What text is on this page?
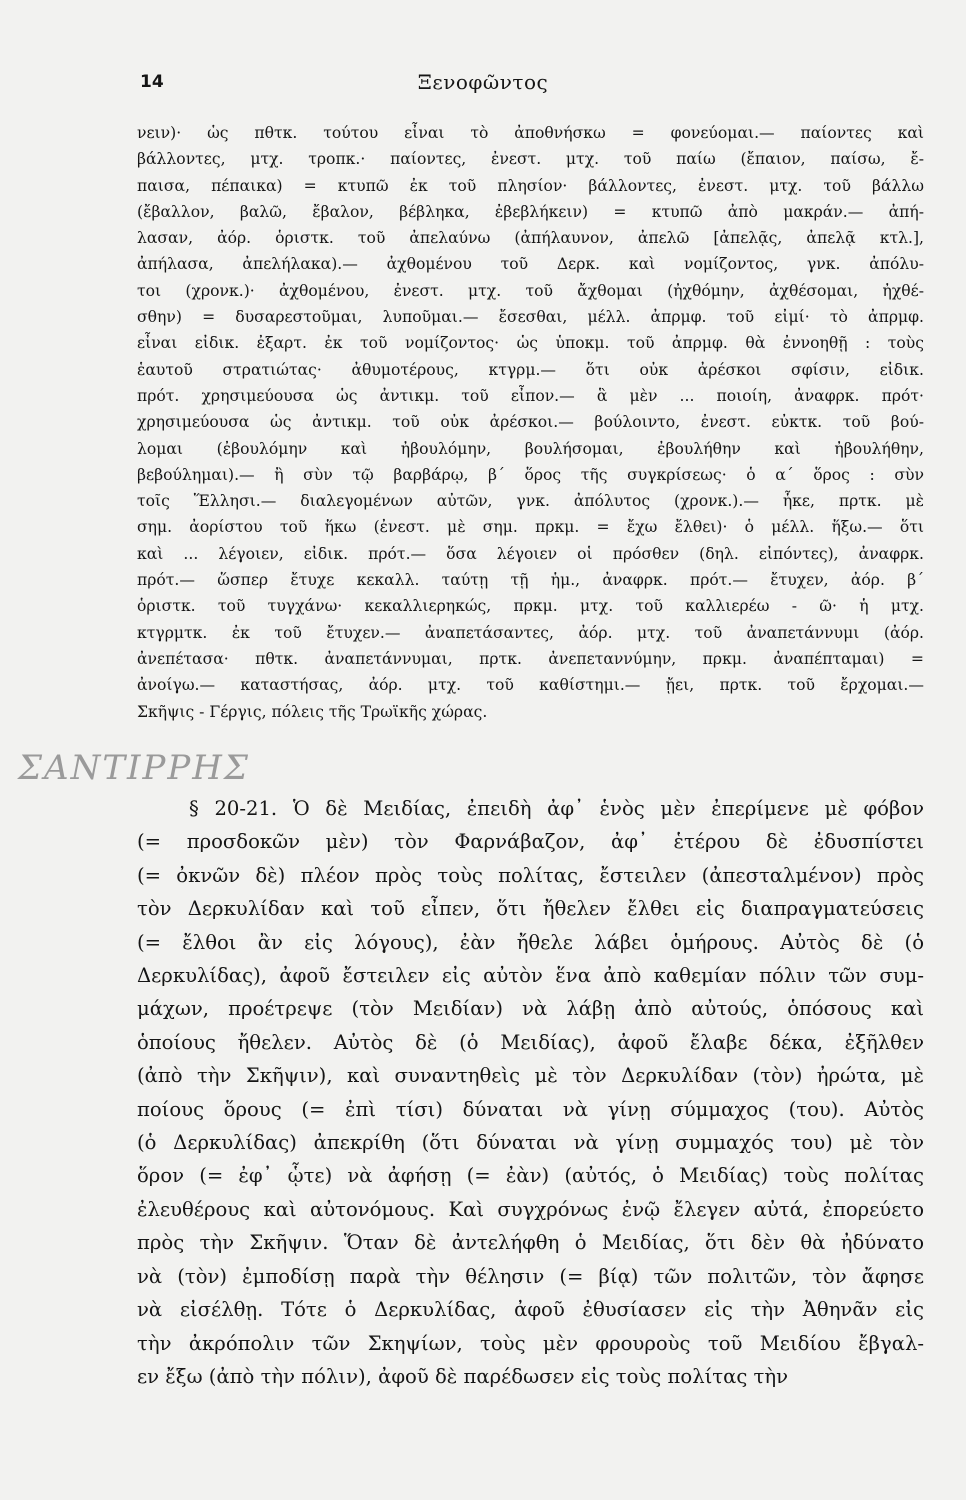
14	Ξενοφῶντος
νειν)· ὡς πθτκ. τούτου εἶναι τὸ ἀποθνήσκω = φονεύομαι.— παίοντες καὶ
βάλλοντες, μτχ. τροπκ.· παίοντες, ἐνεστ. μτχ. τοῦ παίω (ἔπαιον, παίσω, ἔ-
παισα, πέπαικα) = κτυπῶ ἐκ τοῦ πλησίον· βάλλοντες, ἐνεστ. μτχ. τοῦ βάλλω
(ἔβαλλον, βαλῶ, ἔβαλον, βέβληκα, ἐβεβλήκειν) = κτυπῶ ἀπὸ μακράν.— ἀπή-
λασαν, ἀόρ. ὁριστκ. τοῦ ἀπελαύνω (ἀπήλαυνον, ἀπελῶ [ἀπελᾷς, ἀπελᾷ κτλ.],
ἀπήλασα, ἀπελήλακα).— ἀχθομένου τοῦ Δερκ. καὶ νομίζοντος, γνκ. ἀπόλυ-
τοι (χρονκ.)· ἀχθομένου, ἐνεστ. μτχ. τοῦ ἄχθομαι (ἠχθόμην, ἀχθέσομαι, ἠχθέ-
σθην) = δυσαρεστοῦμαι, λυποῦμαι.— ἔσεσθαι, μέλλ. ἀπρμφ. τοῦ εἰμί· τὸ ἀπρμφ.
εἶναι εἰδικ. ἐξαρτ. ἐκ τοῦ νομίζοντος· ὡς ὑποκμ. τοῦ ἀπρμφ. θὰ ἐννοηθῇ : τοὺς
ἑαυτοῦ στρατιώτας· ἀθυμοτέρους, κτγρμ.— ὅτι οὐκ ἀρέσκοι σφίσιν, εἰδικ.
πρότ. χρησιμεύουσα ὡς ἀντικμ. τοῦ εἶπον.— ἃ μὲν ... ποιοίη, ἀναφρκ. πρότ·
χρησιμεύουσα ὡς ἀντικμ. τοῦ οὐκ ἀρέσκοι.— βούλοιντο, ἐνεστ. εὐκτκ. τοῦ βού-
λομαι (ἐβουλόμην καὶ ἠβουλόμην, βουλήσομαι, ἐβουλήθην καὶ ἠβουλήθην,
βεβούλημαι).— ἢ σὺν τῷ βαρβάρῳ, β΄ ὅρος τῆς συγκρίσεως· ὁ α΄ ὅρος : σὺν
τοῖς Ἕλλησι.— διαλεγομένων αὐτῶν, γνκ. ἀπόλυτος (χρονκ.).— ἧκε, πρτκ. μὲ
σημ. ἀορίστου τοῦ ἥκω (ἐνεστ. μὲ σημ. πρκμ. = ἔχω ἔλθει)· ὁ μέλλ. ἥξω.— ὅτι
καὶ ... λέγοιεν, εἰδικ. πρότ.— ὅσα λέγοιεν οἱ πρόσθεν (δηλ. εἰπόντες), ἀναφρκ.
πρότ.— ὥσπερ ἔτυχε κεκαλλ. ταύτῃ τῇ ἡμ., ἀναφρκ. πρότ.— ἔτυχεν, ἀόρ. β΄
ὁριστκ. τοῦ τυγχάνω· κεκαλλιερηκώς, πρκμ. μτχ. τοῦ καλλιερέω - ῶ· ἡ μτχ.
κτγρμτκ. ἐκ τοῦ ἔτυχεν.— ἀναπετάσαντες, ἀόρ. μτχ. τοῦ ἀναπετάννυμι (ἀόρ.
ἀνεπέτασα· πθτκ. ἀναπετάννυμαι, πρτκ. ἀνεπεταννύμην, πρκμ. ἀναπέπταμαι) =
ἀνοίγω.— καταστήσας, ἀόρ. μτχ. τοῦ καθίστημι.— ᾔει, πρτκ. τοῦ ἔρχομαι.—
Σκῆψις - Γέργις, πόλεις τῆς Τρωϊκῆς χώρας.
ΣΑΝΤΙΡΡΗΣ
§ 20-21. Ὁ δὲ Μειδίας, ἐπειδὴ ἀφ᾽ ἑνὸς μὲν ἐπερίμενε μὲ φόβον
(= προσδοκῶν μὲν) τὸν Φαρνάβαζον, ἀφ᾽ ἑτέρου δὲ ἐδυσπίστει
(= ὀκνῶν δὲ) πλέον πρὸς τοὺς πολίτας, ἔστειλεν (ἀπεσταλμένον) πρὸς
τὸν Δερκυλίδαν καὶ τοῦ εἶπεν, ὅτι ἤθελεν ἔλθει εἰς διαπραγματεύσεις
(= ἔλθοι ἂν εἰς λόγους), ἐὰν ἤθελε λάβει ὁμήρους. Αὐτὸς δὲ (ὁ
Δερκυλίδας), ἀφοῦ ἔστειλεν εἰς αὐτὸν ἕνα ἀπὸ καθεμίαν πόλιν τῶν συμ-
μάχων, προέτρεψε (τὸν Μειδίαν) νὰ λάβῃ ἀπὸ αὐτούς, ὁπόσους καὶ
ὁποίους ἤθελεν. Αὐτὸς δὲ (ὁ Μειδίας), ἀφοῦ ἔλαβε δέκα, ἐξῆλθεν
(ἀπὸ τὴν Σκῆψιν), καὶ συναντηθεὶς μὲ τὸν Δερκυλίδαν (τὸν) ἠρώτα, μὲ
ποίους ὅρους (= ἐπὶ τίσι) δύναται νὰ γίνῃ σύμμαχος (του). Αὐτὸς
(ὁ Δερκυλίδας) ἀπεκρίθη (ὅτι δύναται νὰ γίνῃ συμμαχός του) μὲ τὸν
ὅρον (= ἐφ᾽ ᾧτε) νὰ ἀφήσῃ (= ἐὰν) (αὐτός, ὁ Μειδίας) τοὺς πολίτας
ἐλευθέρους καὶ αὐτονόμους. Καὶ συγχρόνως ἐνῷ ἔλεγεν αὐτά, ἐπορεύετο
πρὸς τὴν Σκῆψιν. Ὅταν δὲ ἀντελήφθη ὁ Μειδίας, ὅτι δὲν θὰ ἠδύνατο
νὰ (τὸν) ἐμποδίσῃ παρὰ τὴν θέλησιν (= βίᾳ) τῶν πολιτῶν, τὸν ἄφησε
νὰ εἰσέλθῃ. Τότε ὁ Δερκυλίδας, ἀφοῦ ἐθυσίασεν εἰς τὴν Ἀθηνᾶν εἰς
τὴν ἀκρόπολιν τῶν Σκηψίων, τοὺς μὲν φρουροὺς τοῦ Μειδίου ἔβγαλ-
εν ἔξω (ἀπὸ τὴν πόλιν), ἀφοῦ δὲ παρέδωσεν εἰς τοὺς πολίτας τὴν
